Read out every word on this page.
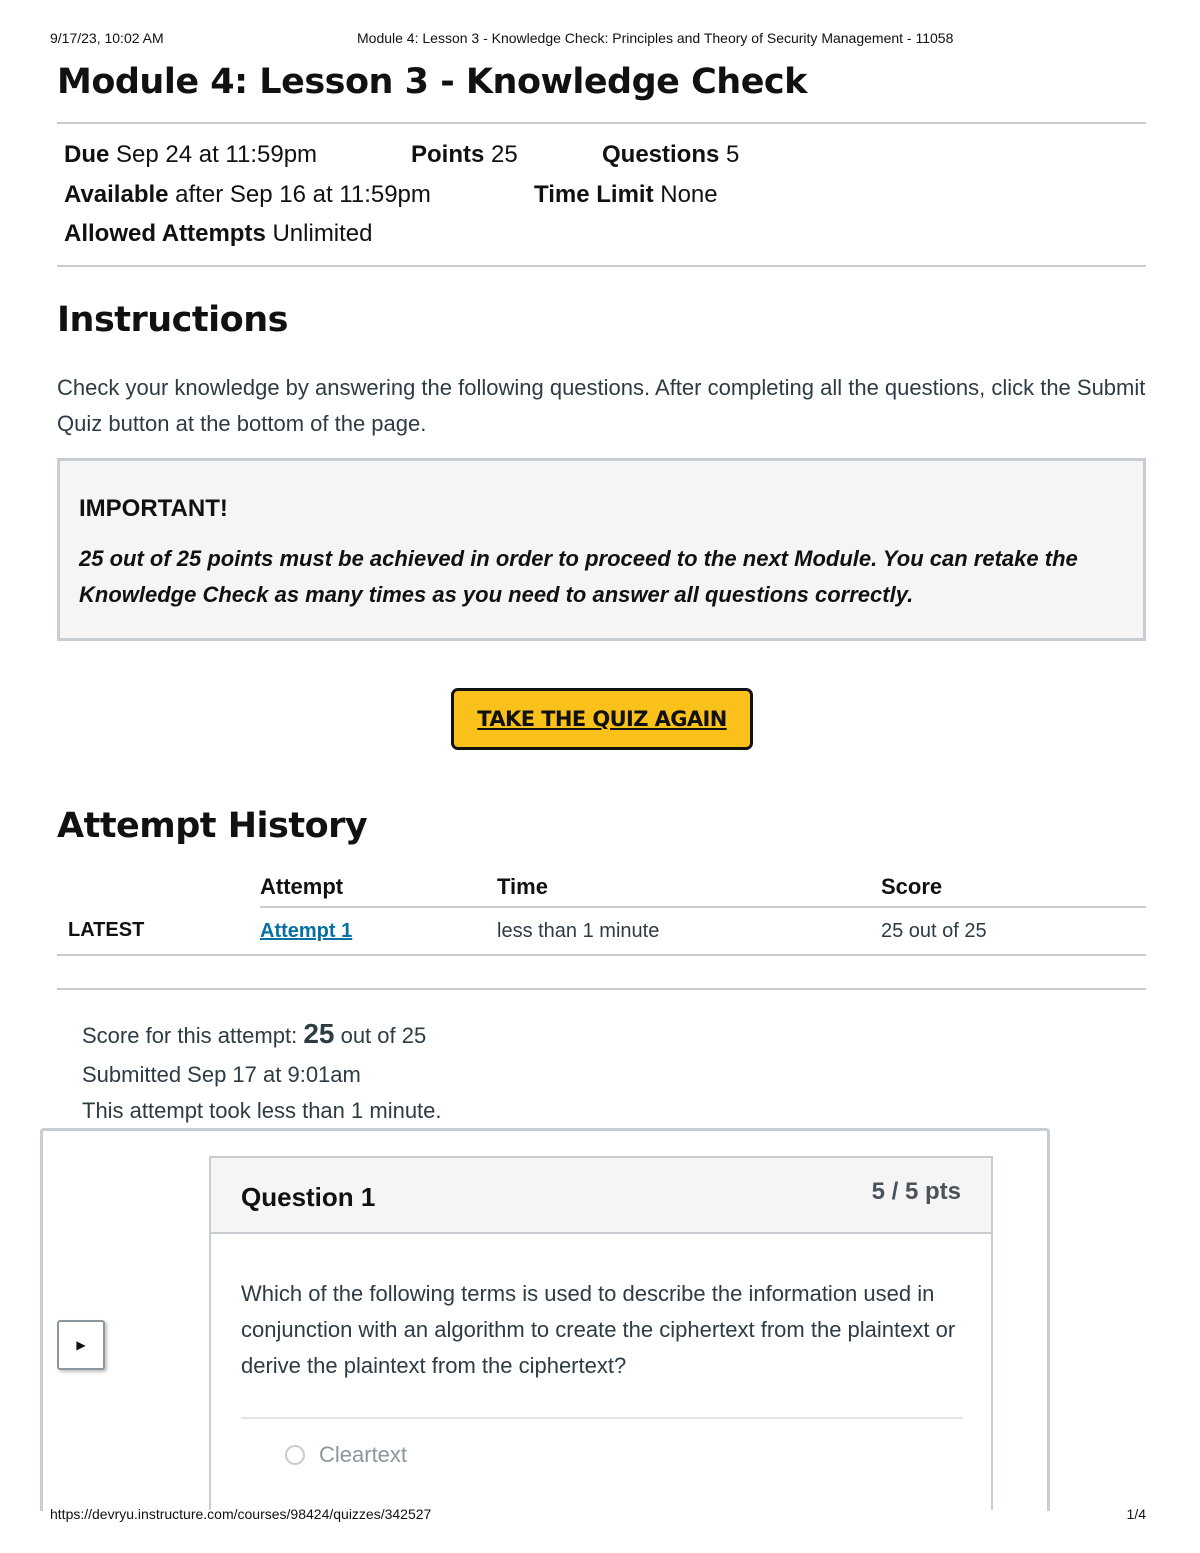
9/17/23, 10:02 AM	Module 4: Lesson 3 - Knowledge Check: Principles and Theory of Security Management - 11058
Module 4: Lesson 3 - Knowledge Check
Due Sep 24 at 11:59pm	Points 25	Questions 5
Available after Sep 16 at 11:59pm	Time Limit None
Allowed Attempts Unlimited
Instructions
Check your knowledge by answering the following questions. After completing all the questions, click the Submit Quiz button at the bottom of the page.
IMPORTANT!
25 out of 25 points must be achieved in order to proceed to the next Module. You can retake the Knowledge Check as many times as you need to answer all questions correctly.
TAKE THE QUIZ AGAIN
Attempt History
	Attempt	Time	Score
LATEST	Attempt 1	less than 1 minute	25 out of 25
Score for this attempt: 25 out of 25
Submitted Sep 17 at 9:01am
This attempt took less than 1 minute.
▶
Question 1	5 / 5 pts
Which of the following terms is used to describe the information used in conjunction with an algorithm to create the ciphertext from the plaintext or derive the plaintext from the ciphertext?
Cleartext
https://devryu.instructure.com/courses/98424/quizzes/342527	1/4
